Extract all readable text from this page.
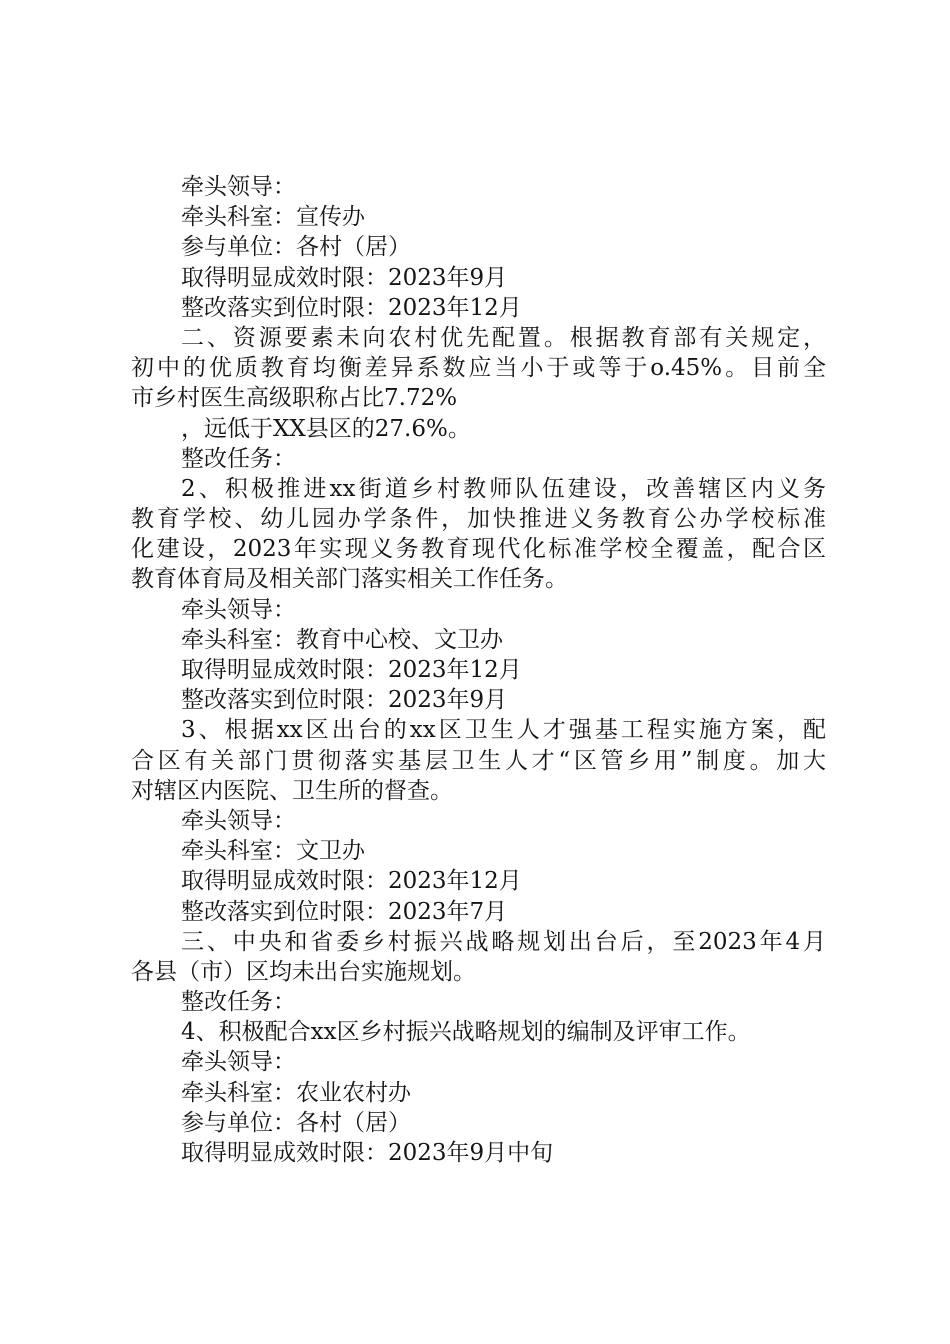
牵头领导：
牵头科室：宣传办
参与单位：各村（居）
取得明显成效时限：2023年9月
整改落实到位时限：2023年12月
二、资源要素未向农村优先配置。根据教育部有关规定，
初中的优质教育均衡差异系数应当小于或等于o.45%。目前全
市乡村医生高级职称占比7.72%
，远低于XX县区的27.6%。
整改任务：
2、积极推进xx街道乡村教师队伍建设，改善辖区内义务
教育学校、幼儿园办学条件，加快推进义务教育公办学校标准
化建设，2023年实现义务教育现代化标准学校全覆盖，配合区
教育体育局及相关部门落实相关工作任务。
牵头领导：
牵头科室：教育中心校、文卫办
取得明显成效时限：2023年12月
整改落实到位时限：2023年9月
3、根据xx区出台的xx区卫生人才强基工程实施方案，配
合区有关部门贯彻落实基层卫生人才“区管乡用”制度。加大
对辖区内医院、卫生所的督查。
牵头领导：
牵头科室：文卫办
取得明显成效时限：2023年12月
整改落实到位时限：2023年7月
三、中央和省委乡村振兴战略规划出台后，至2023年4月
各县（市）区均未出台实施规划。
整改任务：
4、积极配合xx区乡村振兴战略规划的编制及评审工作。
牵头领导：
牵头科室：农业农村办
参与单位：各村（居）
取得明显成效时限：2023年9月中旬
